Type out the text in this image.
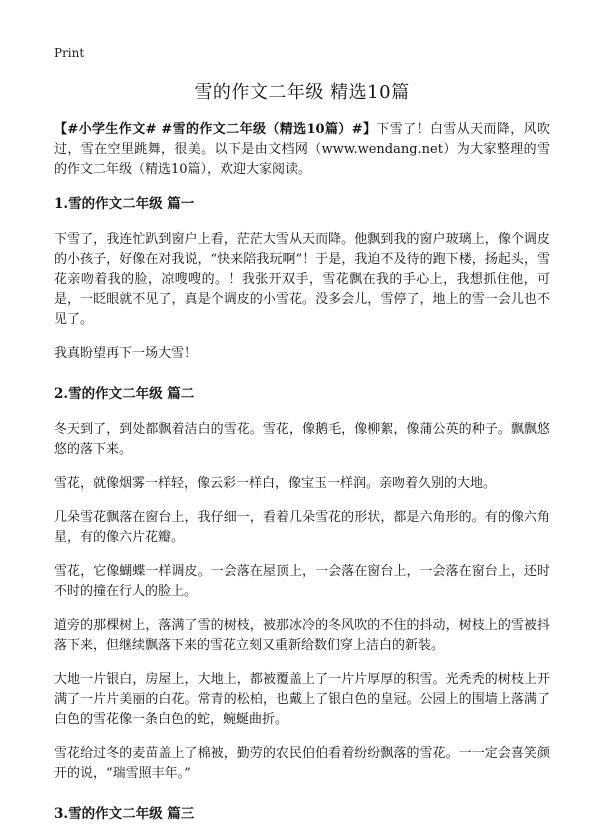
Print
雪的作文二年级 精选10篇

【#小学生作文# #雪的作文二年级（精选10篇）#】下雪了！白雪从天而降，风吹过，雪在空里跳舞，很美。以下是由文档网（www.wendang.net）为大家整理的雪的作文二年级（精选10篇），欢迎大家阅读。

1.雪的作文二年级 篇一

下雪了，我连忙趴到窗户上看，茫茫大雪从天而降。他飘到我的窗户玻璃上，像个调皮的小孩子，好像在对我说，“快来陪我玩啊”！于是，我迫不及待的跑下楼，扬起头，雪花亲吻着我的脸，凉嗖嗖的。！我张开双手，雪花飘在我的手心上，我想抓住他，可是，一眨眼就不见了，真是个调皮的小雪花。没多会儿，雪停了，地上的雪一会儿也不见了。

我真盼望再下一场大雪！

2.雪的作文二年级 篇二

冬天到了，到处都飘着洁白的雪花。雪花，像鹅毛，像柳絮，像蒲公英的种子。飘飘悠悠的落下来。

雪花，就像烟雾一样轻，像云彩一样白，像宝玉一样润。亲吻着久别的大地。

几朵雪花飘落在窗台上，我仔细一，看着几朵雪花的形状，都是六角形的。有的像六角星，有的像六片花瓣。

雪花，它像蝴蝶一样调皮。一会落在屋顶上，一会落在窗台上，一会落在窗台上，还时不时的撞在行人的脸上。

道旁的那棵树上，落满了雪的树枝，被那冰冷的冬风吹的不住的抖动，树枝上的雪被抖落下来，但继续飘落下来的雪花立刻又重新给数们穿上洁白的新装。

大地一片银白，房屋上，大地上，都被覆盖上了一片片厚厚的积雪。光秃秃的树枝上开满了一片片美丽的白花。常青的松柏，也戴上了银白色的皇冠。公园上的围墙上落满了白色的雪花像一条白色的蛇，蜿蜒曲折。

雪花给过冬的麦苗盖上了棉被，勤劳的农民伯伯看着纷纷飘落的雪花。一一定会喜笑颜开的说，“瑞雪照丰年。”

3.雪的作文二年级 篇三
